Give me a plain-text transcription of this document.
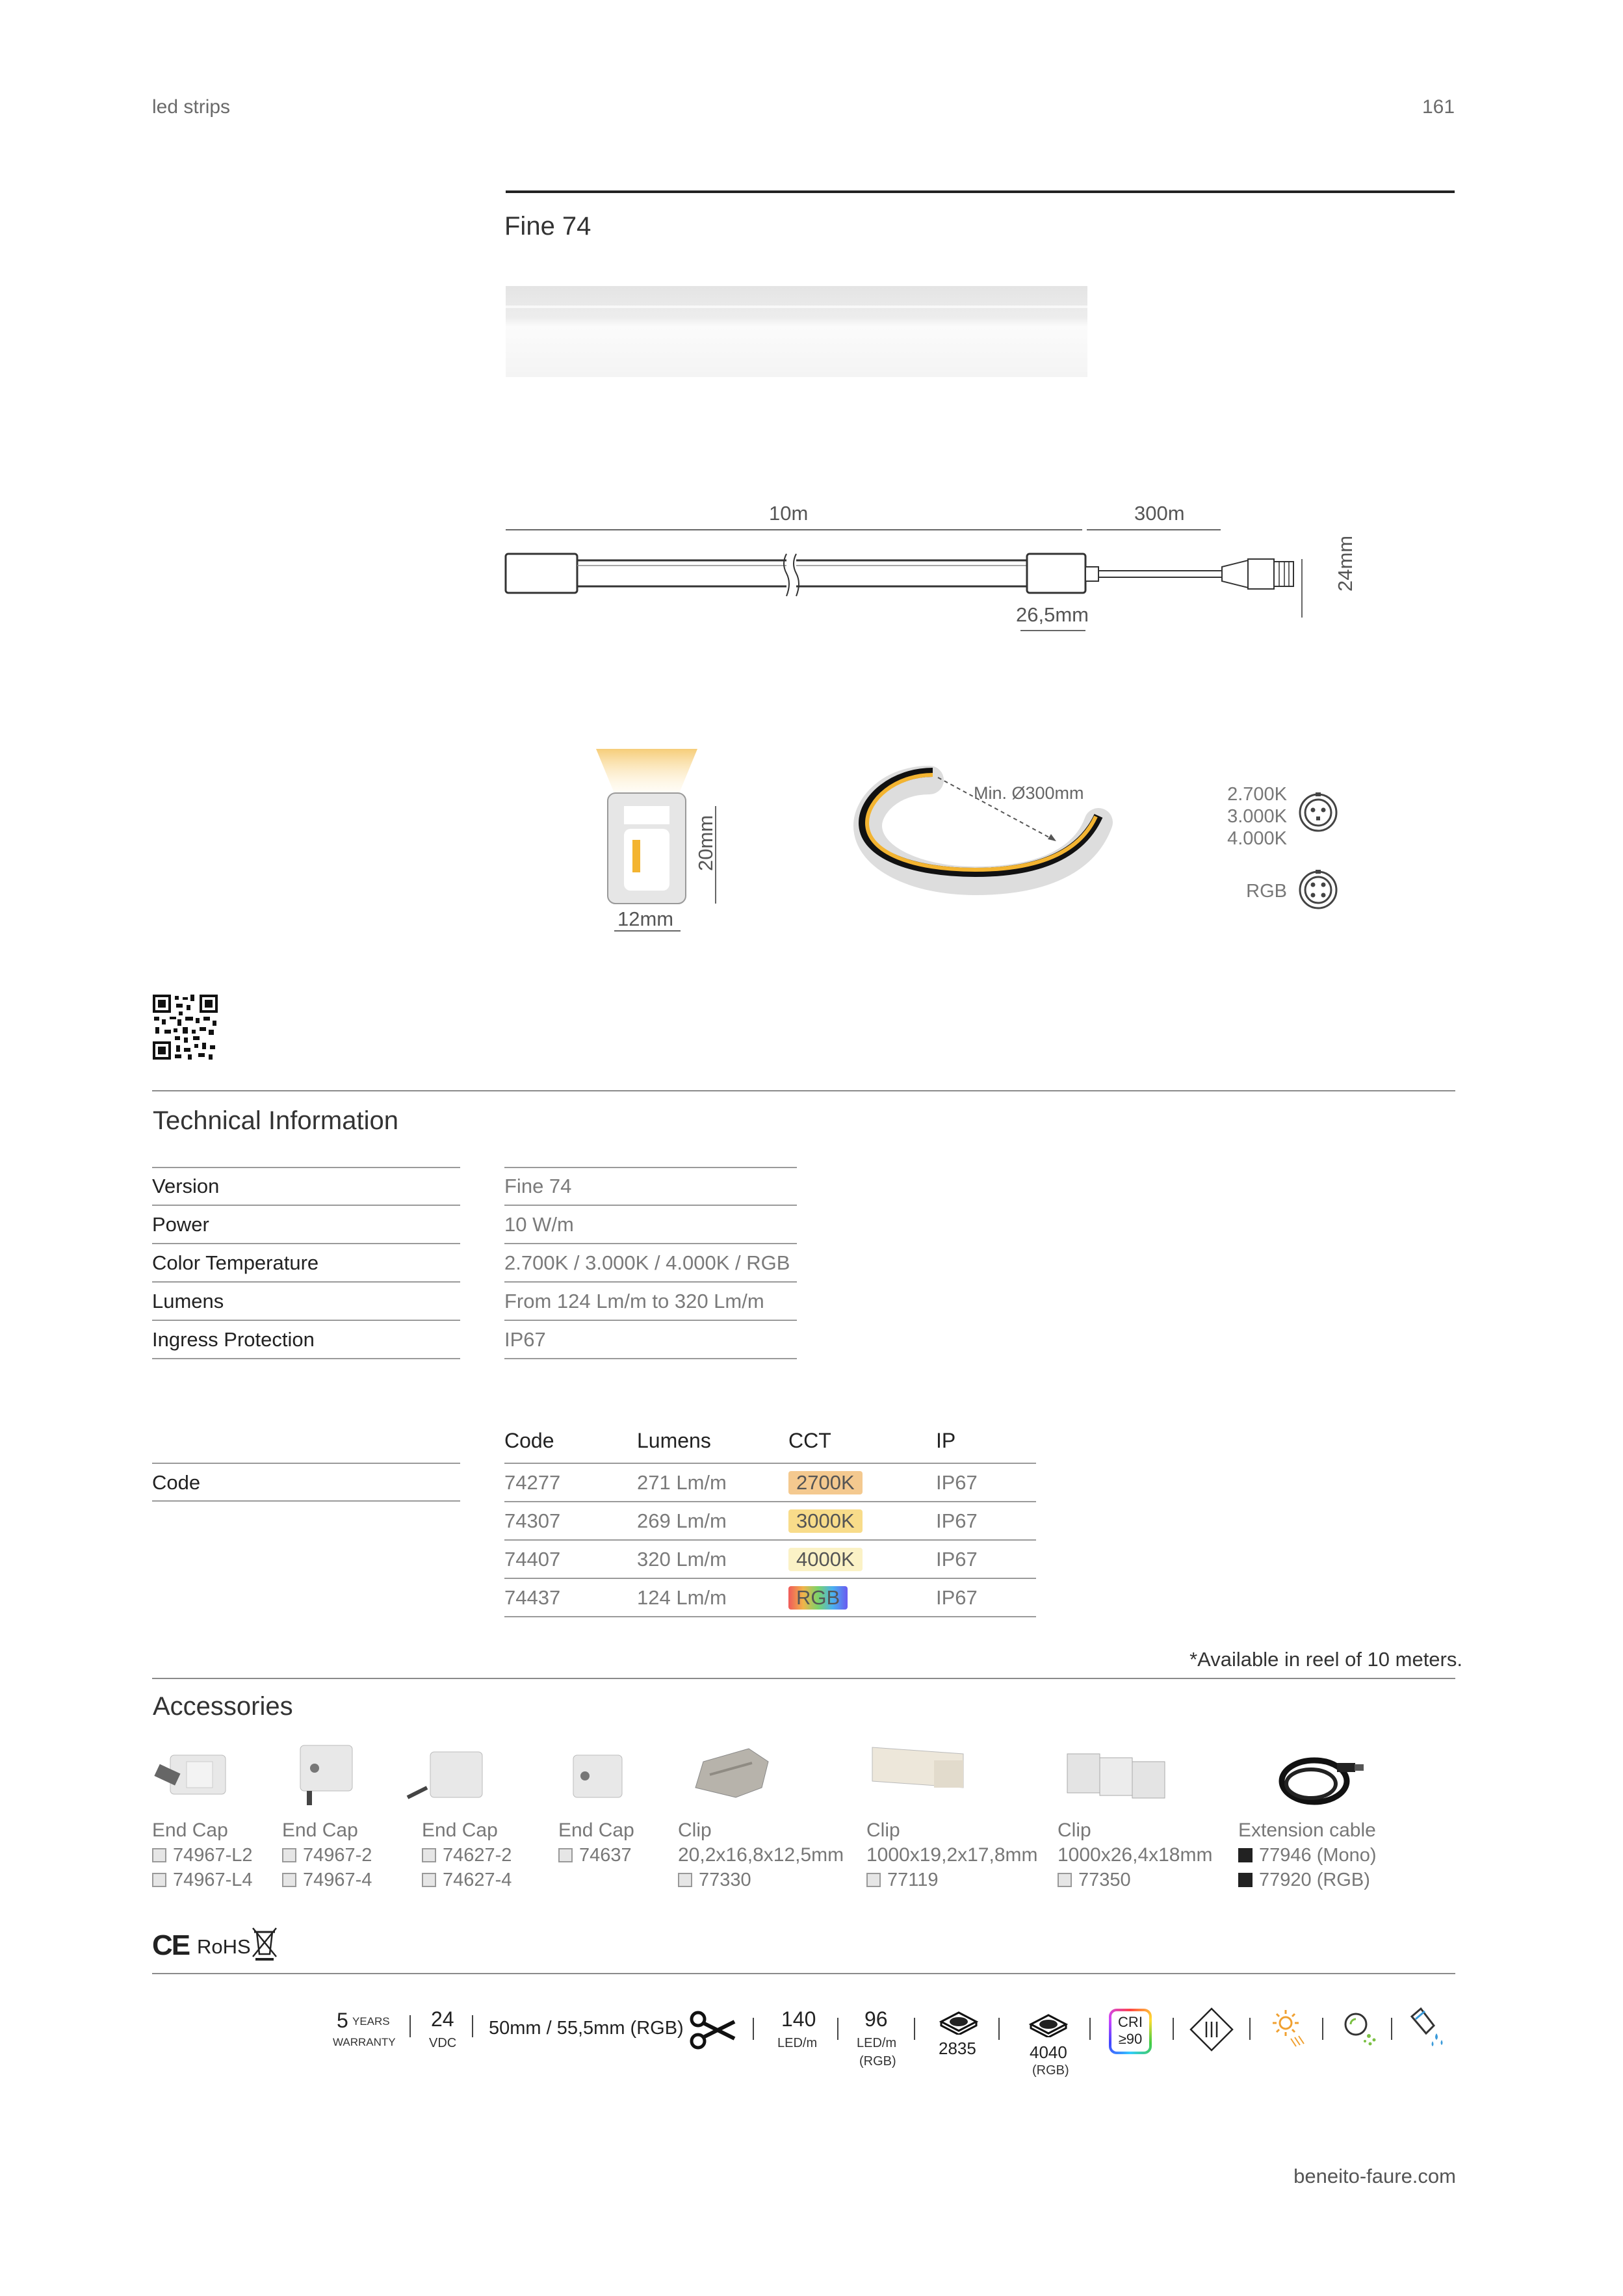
led strips	161
Fine 74
10m	300m
26,5mm
24mm
20mm
12mm
Min. Ø300mm	2.700K
3.000K
4.000K
RGB
Technical Information
Version	Fine 74
Power	10 W/m
Color Temperature	2.700K / 3.000K / 4.000K / RGB
Lumens	From 124 Lm/m to 320 Lm/m
Ingress Protection	IP67
Code	Lumens	CCT	IP
Code	74277	271 Lm/m	2700K	IP67
74307	269 Lm/m	3000K	IP67
74407	320 Lm/m	4000K	IP67
74437	124 Lm/m	RGB	IP67
*Available in reel of 10 meters.
Accessories
End Cap
74967-L2
74967-L4
End Cap
74967-2
74967-4
End Cap
74627-2
74627-4
End Cap
74637
Clip
20,2x16,8x12,5mm
77330
Clip
1000x19,2x17,8mm
77119
Clip
1000x26,4x18mm
77350
Extension cable
77946 (Mono)
77920 (RGB)
CE RoHS
5 YEARS
WARRANTY
24
VDC
50mm / 55,5mm (RGB)	140
LED/m
96
LED/m
(RGB)
2835	4040
(RGB)
CRI
≥90
beneito-faure.com
